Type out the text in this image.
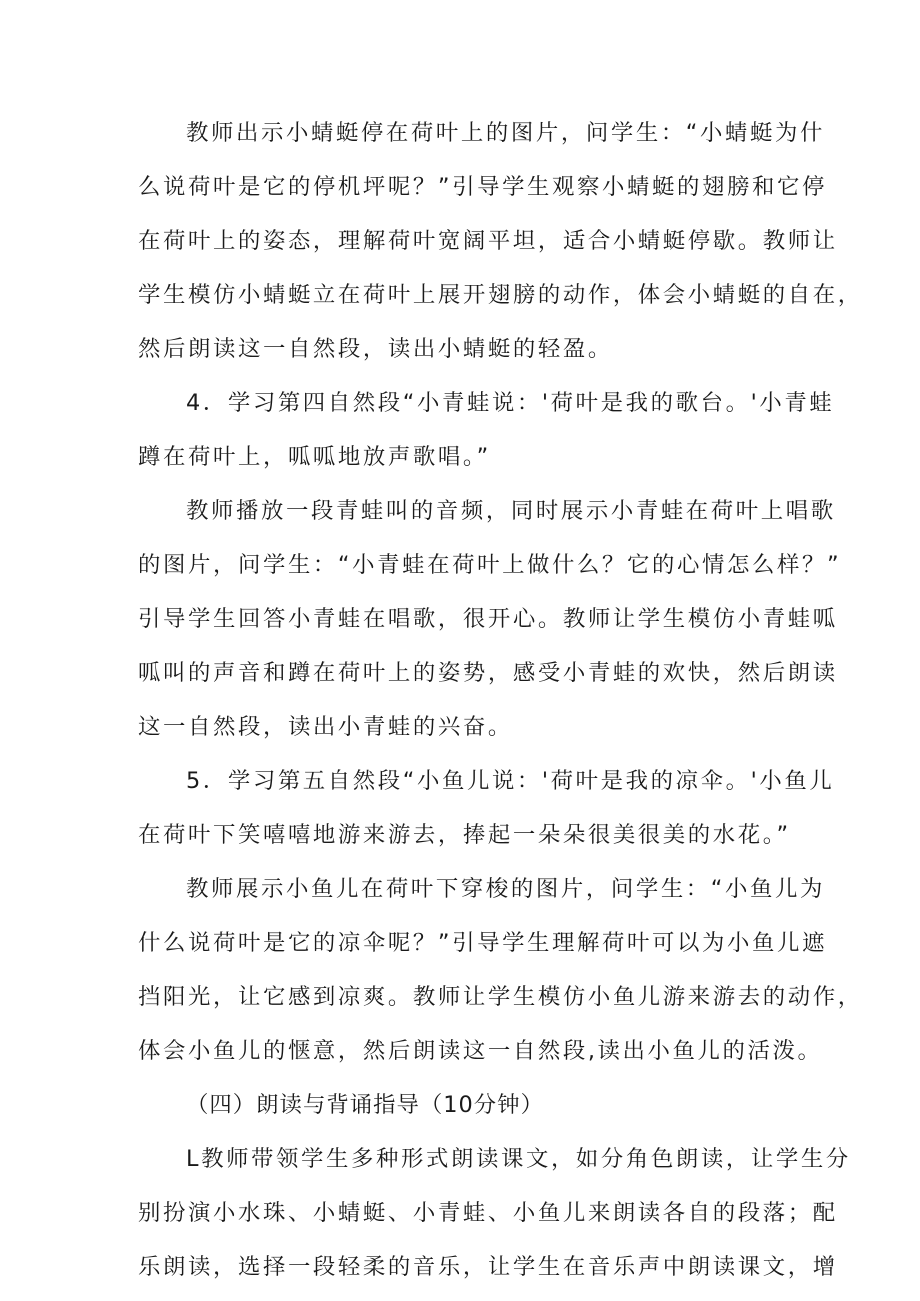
教师出示小蜻蜓停在荷叶上的图片，问学生：“小蜻蜓为什
么说荷叶是它的停机坪呢？”引导学生观察小蜻蜓的翅膀和它停
在荷叶上的姿态，理解荷叶宽阔平坦，适合小蜻蜓停歇。教师让
学生模仿小蜻蜓立在荷叶上展开翅膀的动作，体会小蜻蜓的自在，
然后朗读这一自然段，读出小蜻蜓的轻盈。
4．学习第四自然段“小青蛙说：'荷叶是我的歌台。'小青蛙
蹲在荷叶上，呱呱地放声歌唱。”
教师播放一段青蛙叫的音频，同时展示小青蛙在荷叶上唱歌
的图片，问学生：“小青蛙在荷叶上做什么？它的心情怎么样？”
引导学生回答小青蛙在唱歌，很开心。教师让学生模仿小青蛙呱
呱叫的声音和蹲在荷叶上的姿势，感受小青蛙的欢快，然后朗读
这一自然段，读出小青蛙的兴奋。
5．学习第五自然段“小鱼儿说：'荷叶是我的凉伞。'小鱼儿
在荷叶下笑嘻嘻地游来游去，捧起一朵朵很美很美的水花。”
教师展示小鱼儿在荷叶下穿梭的图片，问学生：“小鱼儿为
什么说荷叶是它的凉伞呢？”引导学生理解荷叶可以为小鱼儿遮
挡阳光，让它感到凉爽。教师让学生模仿小鱼儿游来游去的动作，
体会小鱼儿的惬意，然后朗读这一自然段,读出小鱼儿的活泼。
（四）朗读与背诵指导（10分钟）
L教师带领学生多种形式朗读课文，如分角色朗读，让学生分
别扮演小水珠、小蜻蜓、小青蛙、小鱼儿来朗读各自的段落；配
乐朗读，选择一段轻柔的音乐，让学生在音乐声中朗读课文，增
